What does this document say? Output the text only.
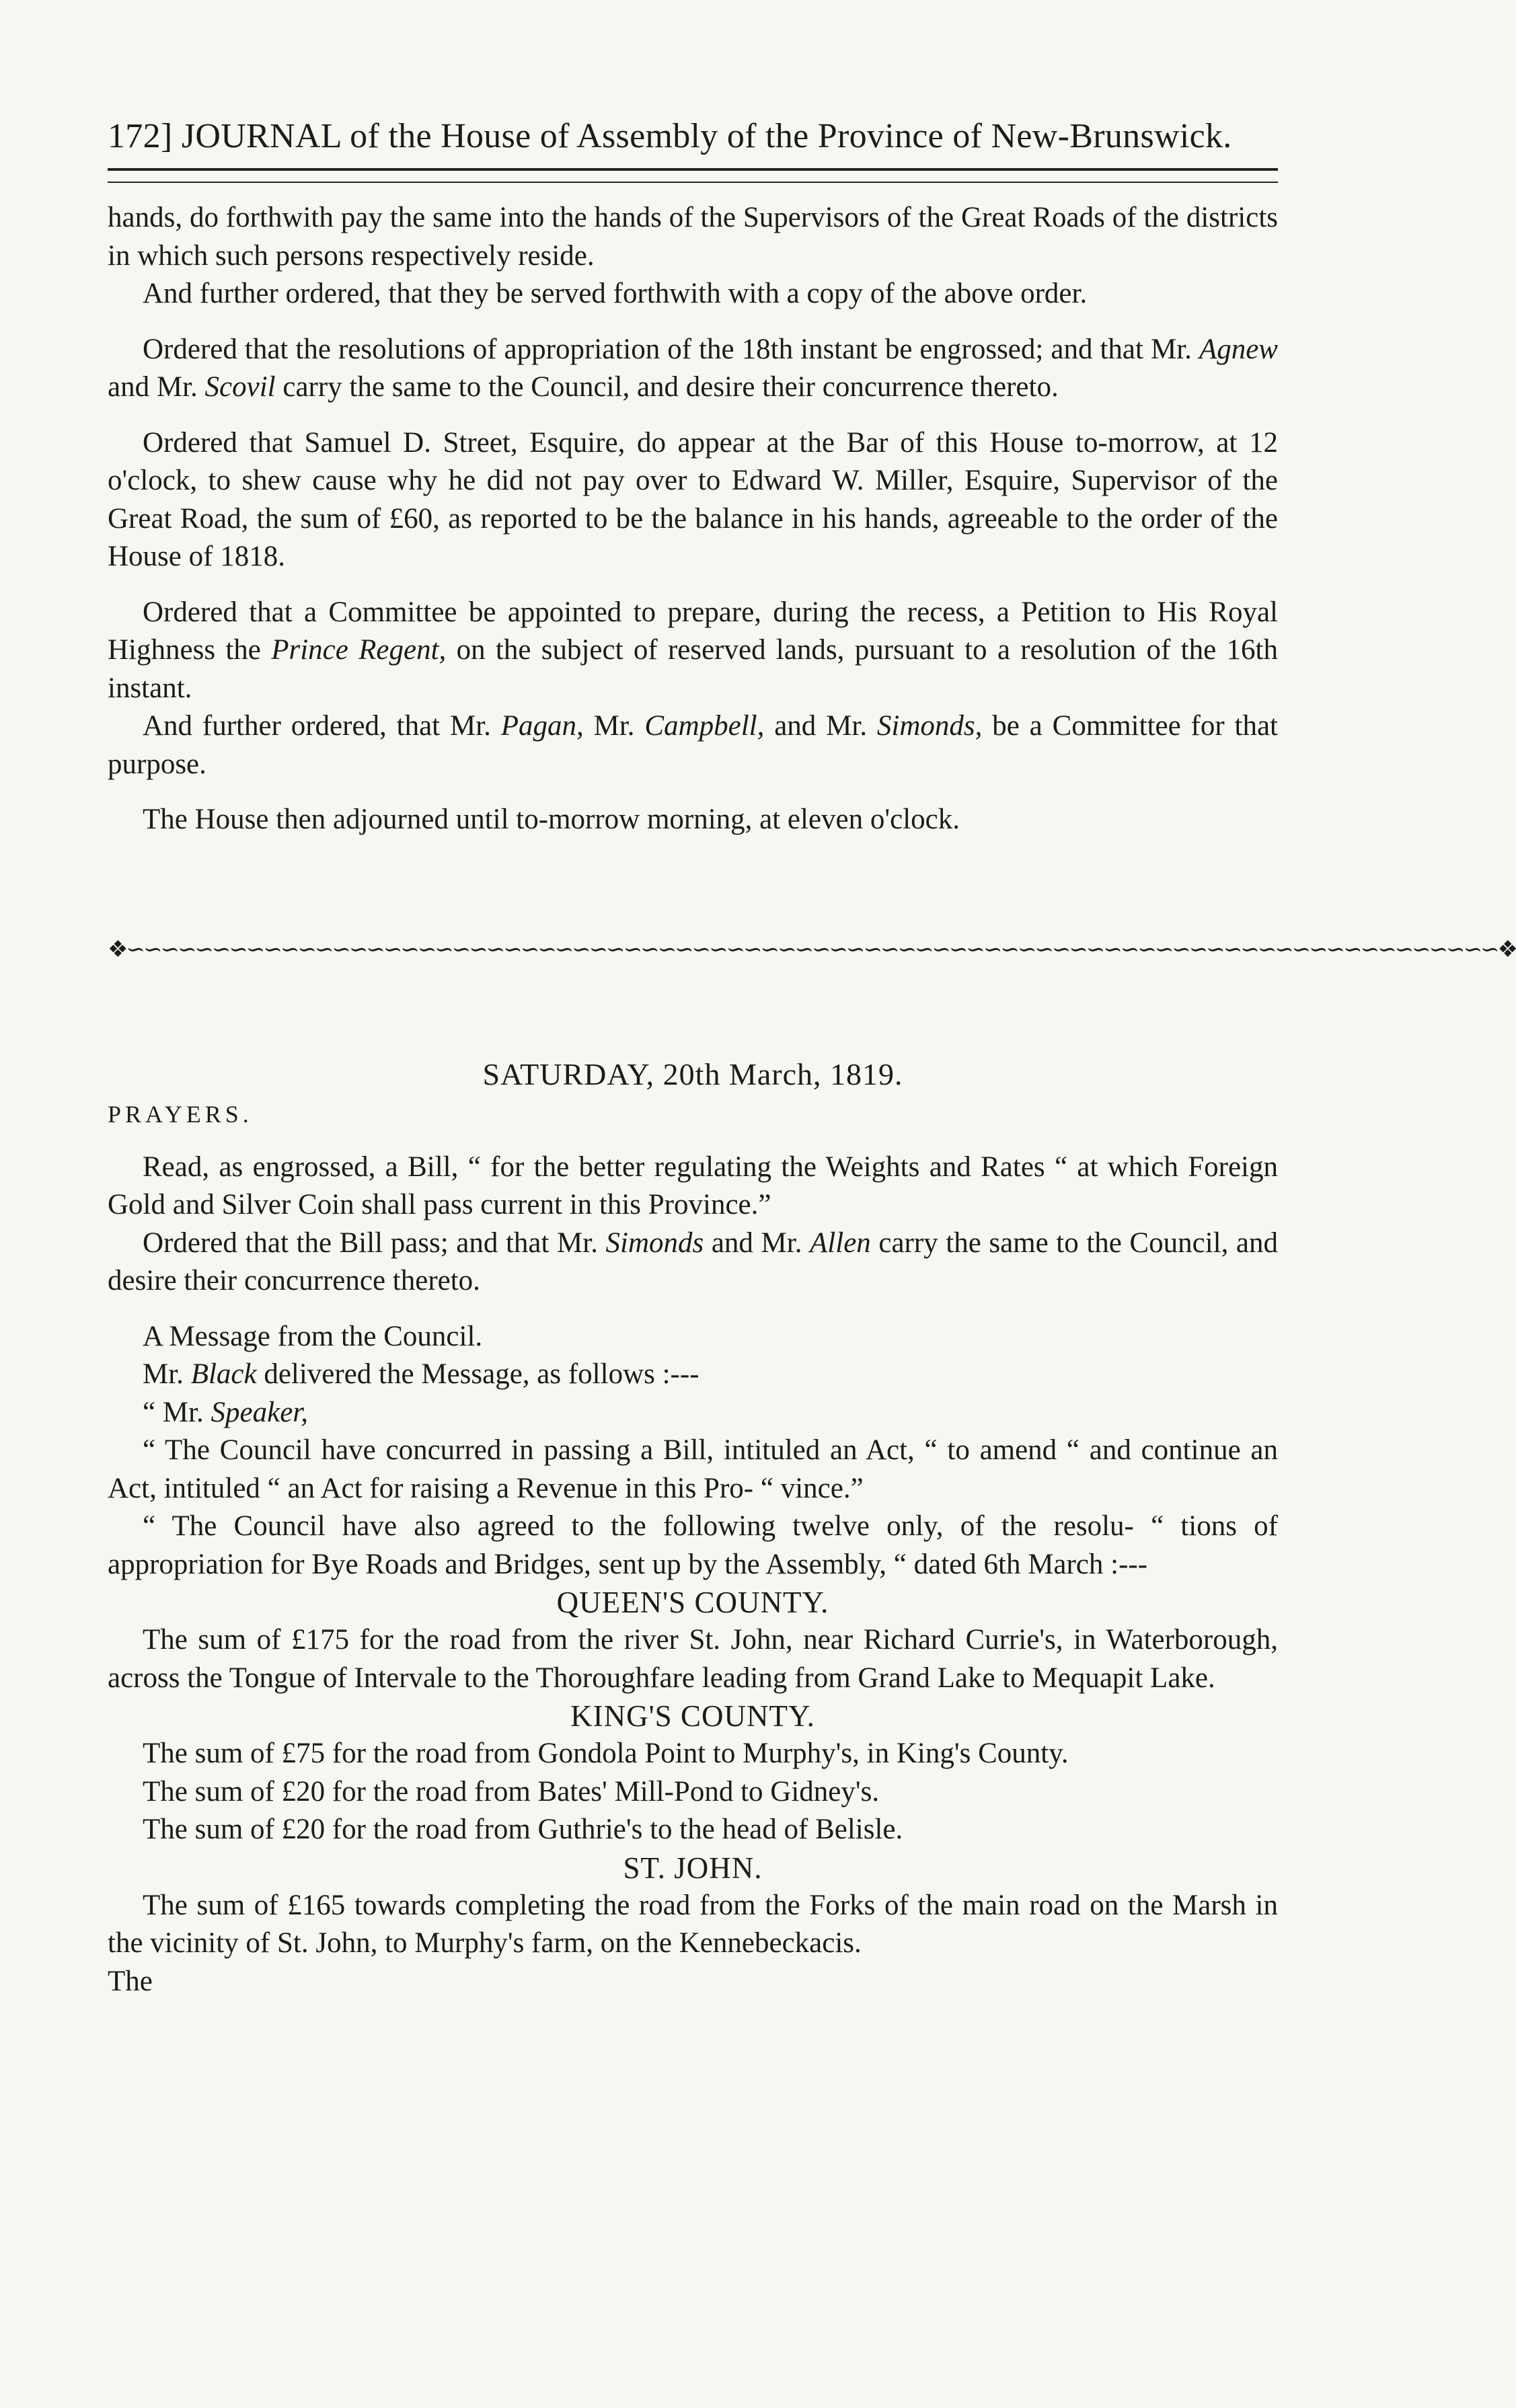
172] JOURNAL of the House of Assembly of the Province of New-Brunswick.

hands, do forthwith pay the same into the hands of the Supervisors of the Great Roads of the districts in which such persons respectively reside.

And further ordered, that they be served forthwith with a copy of the above order.

Ordered that the resolutions of appropriation of the 18th instant be engrossed; and that Mr. Agnew and Mr. Scovil carry the same to the Council, and desire their concurrence thereto.

Ordered that Samuel D. Street, Esquire, do appear at the Bar of this House to-morrow, at 12 o'clock, to shew cause why he did not pay over to Edward W. Miller, Esquire, Supervisor of the Great Road, the sum of £60, as reported to be the balance in his hands, agreeable to the order of the House of 1818.

Ordered that a Committee be appointed to prepare, during the recess, a Petition to His Royal Highness the Prince Regent, on the subject of reserved lands, pursuant to a resolution of the 16th instant.

And further ordered, that Mr. Pagan, Mr. Campbell, and Mr. Simonds, be a Committee for that purpose.

The House then adjourned until to-morrow morning, at eleven o'clock.

❖∽∽∽∽∽∽∽∽∽∽∽∽∽∽∽∽∽∽∽∽∽∽∽∽∽∽∽∽∽∽∽∽∽∽∽∽∽∽∽∽∽∽∽∽∽∽∽∽∽∽∽∽∽∽∽∽∽∽∽∽∽∽∽∽∽∽∽∽∽∽∽∽∽∽∽∽∽∽∽∽❖
SATURDAY, 20th March, 1819.
PRAYERS.

Read, as engrossed, a Bill, “ for the better regulating the Weights and Rates “ at which Foreign Gold and Silver Coin shall pass current in this Province.”

Ordered that the Bill pass; and that Mr. Simonds and Mr. Allen carry the same to the Council, and desire their concurrence thereto.

A Message from the Council.

Mr. Black delivered the Message, as follows :---

“ Mr. Speaker,

“ The Council have concurred in passing a Bill, intituled an Act, “ to amend “ and continue an Act, intituled “ an Act for raising a Revenue in this Pro- “ vince.”

“ The Council have also agreed to the following twelve only, of the resolu- “ tions of appropriation for Bye Roads and Bridges, sent up by the Assembly, “ dated 6th March :---

QUEEN'S COUNTY.

The sum of £175 for the road from the river St. John, near Richard Currie's, in Waterborough, across the Tongue of Intervale to the Thoroughfare leading from Grand Lake to Mequapit Lake.

KING'S COUNTY.

The sum of £75 for the road from Gondola Point to Murphy's, in King's County.

The sum of £20 for the road from Bates' Mill-Pond to Gidney's.

The sum of £20 for the road from Guthrie's to the head of Belisle.

ST. JOHN.

The sum of £165 towards completing the road from the Forks of the main road on the Marsh in the vicinity of St. John, to Murphy's farm, on the Kennebeckacis.

The
